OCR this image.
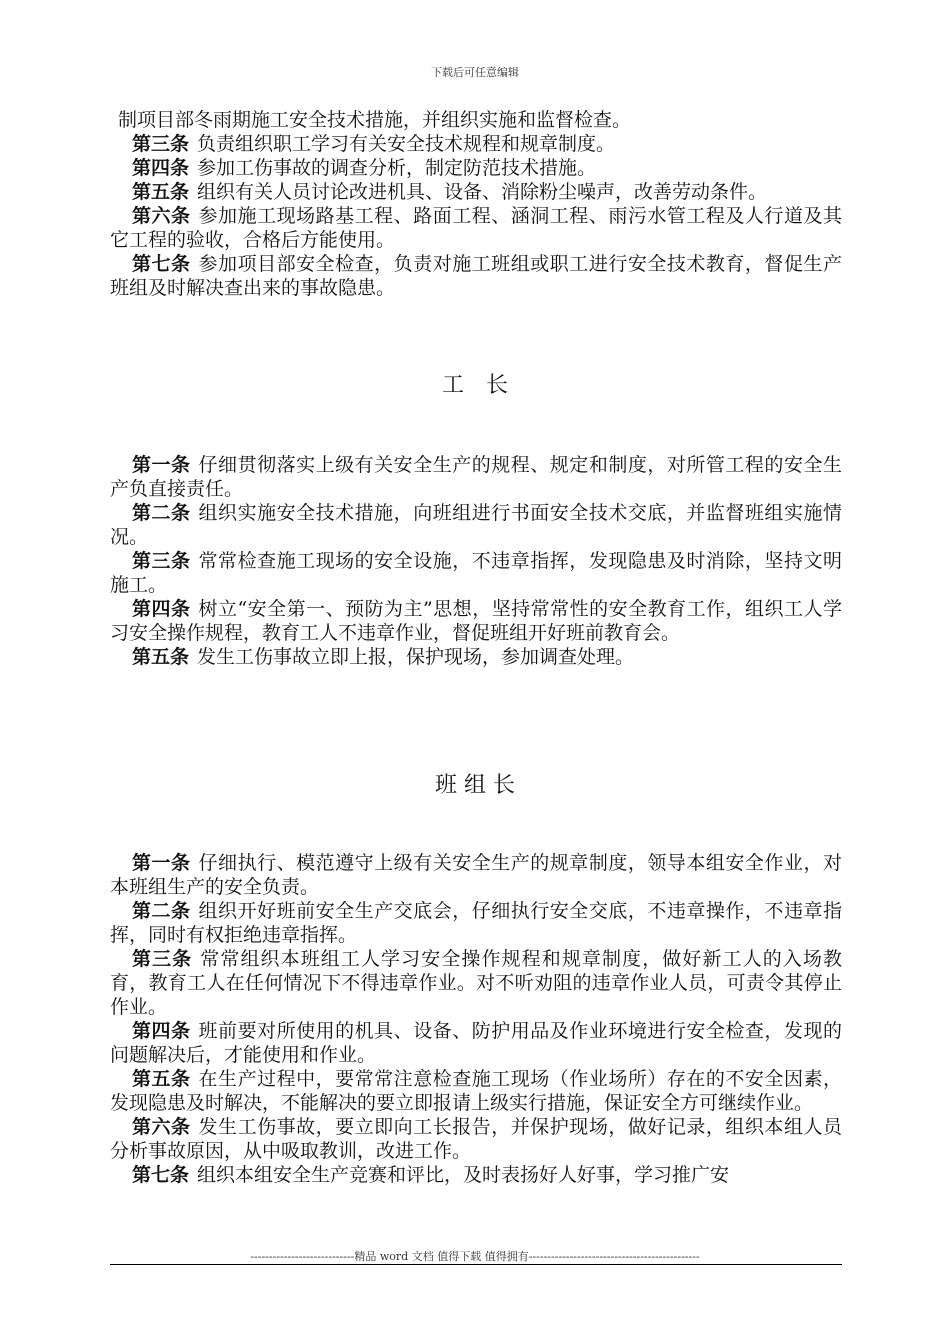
下载后可任意编辑

制项目部冬雨期施工安全技术措施，并组织实施和监督检查。

第三条 负责组织职工学习有关安全技术规程和规章制度。

第四条 参加工伤事故的调查分析，制定防范技术措施。

第五条 组织有关人员讨论改进机具、设备、消除粉尘噪声，改善劳动条件。

第六条 参加施工现场路基工程、路面工程、涵洞工程、雨污水管工程及人行道及其它工程的验收，合格后方能使用。

第七条 参加项目部安全检查，负责对施工班组或职工进行安全技术教育，督促生产班组及时解决查出来的事故隐患。

工　长

第一条 仔细贯彻落实上级有关安全生产的规程、规定和制度，对所管工程的安全生产负直接责任。

第二条 组织实施安全技术措施，向班组进行书面安全技术交底，并监督班组实施情况。

第三条 常常检查施工现场的安全设施，不违章指挥，发现隐患及时消除，坚持文明施工。

第四条 树立“安全第一、预防为主”思想，坚持常常性的安全教育工作，组织工人学习安全操作规程，教育工人不违章作业，督促班组开好班前教育会。

第五条 发生工伤事故立即上报，保护现场，参加调查处理。

班 组 长

第一条 仔细执行、模范遵守上级有关安全生产的规章制度，领导本组安全作业，对本班组生产的安全负责。

第二条 组织开好班前安全生产交底会，仔细执行安全交底，不违章操作，不违章指挥，同时有权拒绝违章指挥。

第三条 常常组织本班组工人学习安全操作规程和规章制度，做好新工人的入场教育，教育工人在任何情况下不得违章作业。对不听劝阻的违章作业人员，可责令其停止作业。

第四条 班前要对所使用的机具、设备、防护用品及作业环境进行安全检查，发现的问题解决后，才能使用和作业。

第五条 在生产过程中，要常常注意检查施工现场（作业场所）存在的不安全因素，发现隐患及时解决，不能解决的要立即报请上级实行措施，保证安全方可继续作业。

第六条 发生工伤事故，要立即向工长报告，并保护现场，做好记录，组织本组人员分析事故原因，从中吸取教训，改进工作。

第七条 组织本组安全生产竞赛和评比，及时表扬好人好事，学习推广安

----------------------------精品 word 文档 值得下载 值得拥有----------------------------------------------
